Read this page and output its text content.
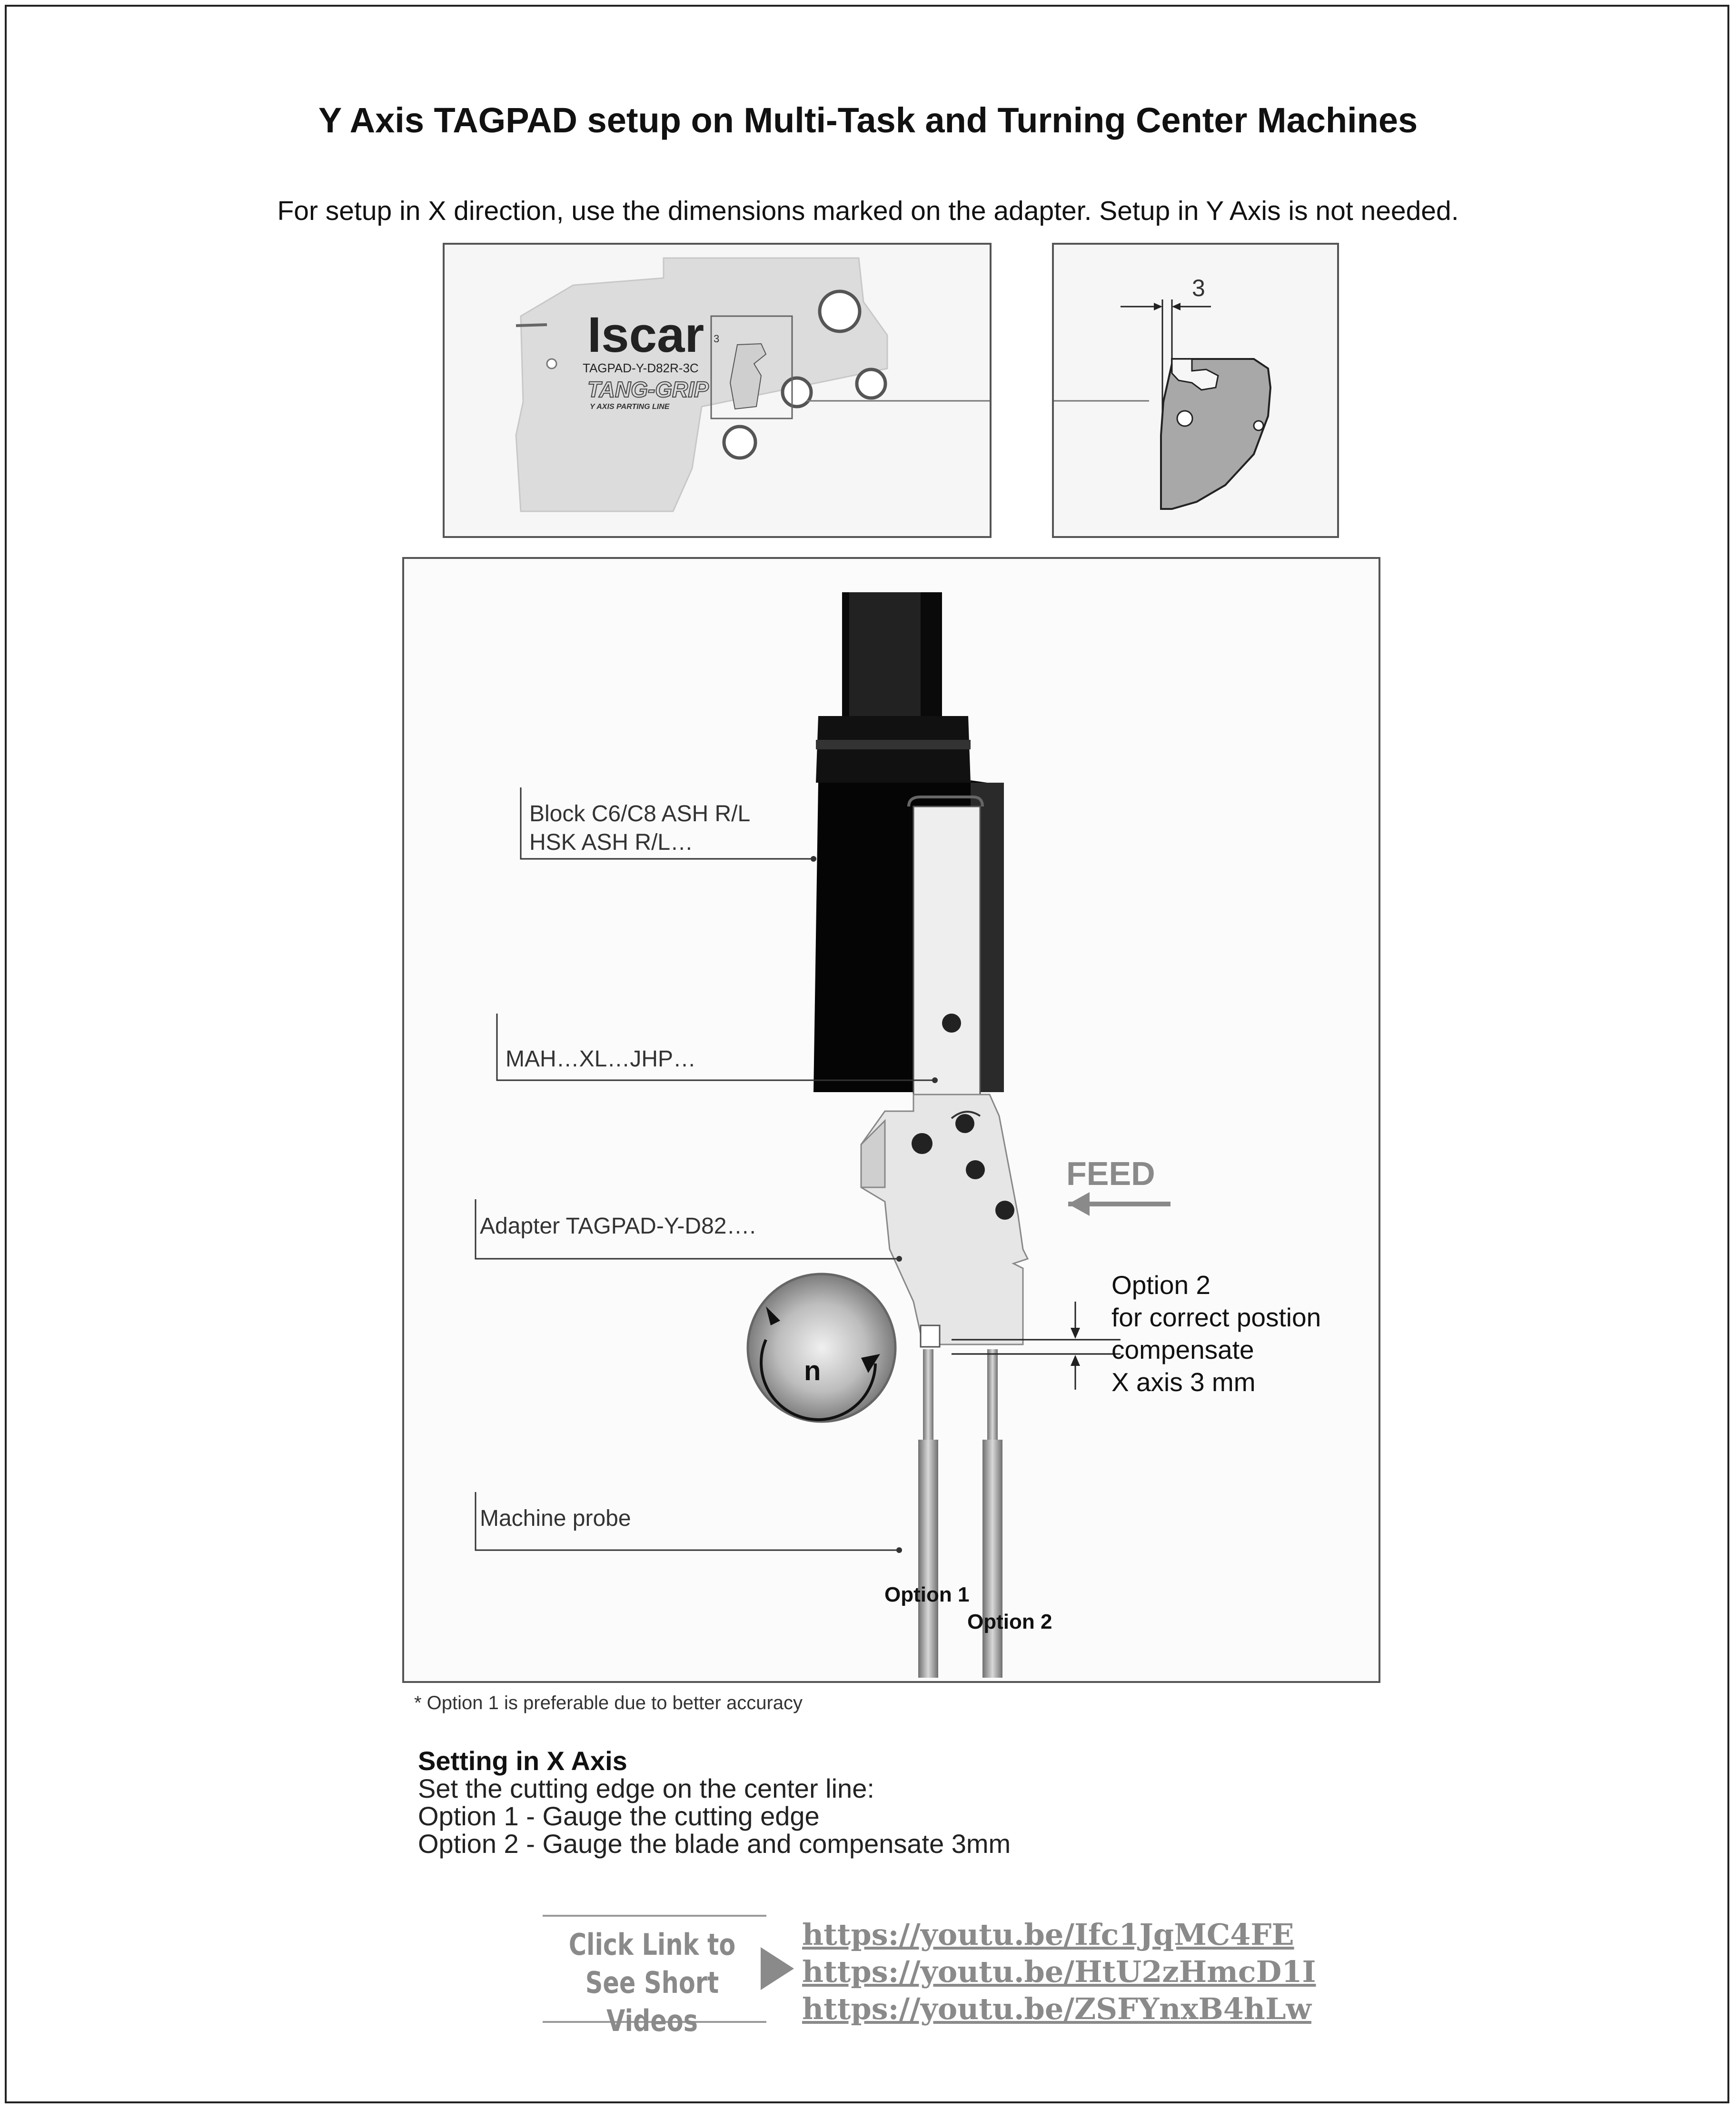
Y Axis TAGPAD setup on Multi-Task and Turning Center Machines
For setup in X direction, use the dimensions marked on the adapter. Setup in Y Axis is not needed.
Iscar
TAGPAD-Y-D82R-3C
TANG-GRIP
Y AXIS PARTING LINE
3
3
n
Block C6/C8 ASH R/L
HSK ASH R/L…
MAH…XL…JHP…
Adapter TAGPAD-Y-D82….
Machine probe
FEED
Option 2
for correct postion
compensate
X axis 3 mm
Option 1
Option 2
* Option 1 is preferable due to better accuracy
Setting in X Axis
Set the cutting edge on the center line:
Option 1 - Gauge the cutting edge
Option 2 - Gauge the blade and compensate 3mm
Click Link to
See Short Videos
https://youtu.be/Ifc1JqMC4FE
https://youtu.be/HtU2zHmcD1I
https://youtu.be/ZSFYnxB4hLw
